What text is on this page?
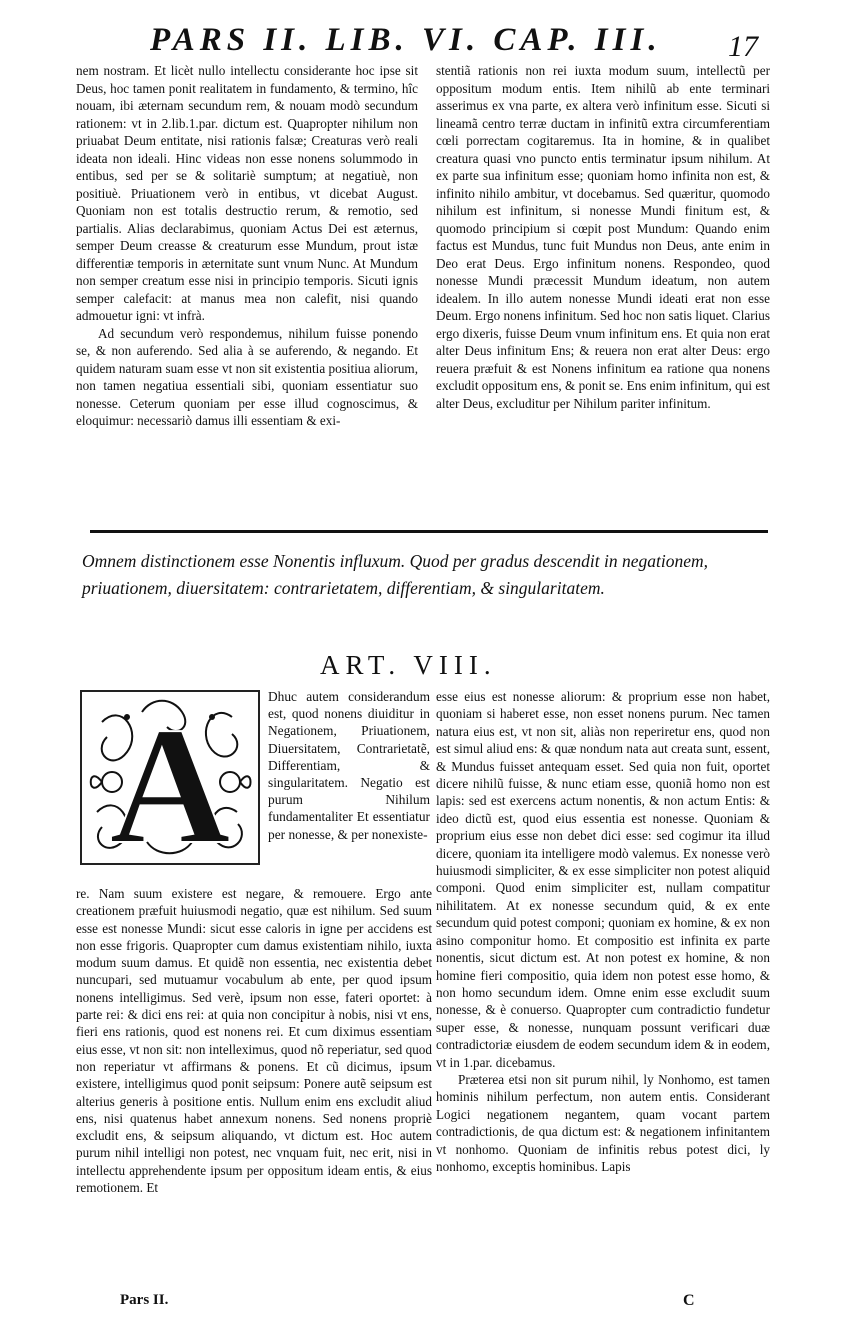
PARS II. LIB. VI. CAP. III.	17

nem nostram. Et licèt nullo intellectu considerante hoc ipse sit Deus, hoc tamen ponit realitatem in fundamento, & termino, hîc nouam, ibi æternam secundum rem, & nouam modò secundum rationem: vt in 2.lib.1.par. dictum est. Quapropter nihilum non priuabat Deum entitate, nisi rationis falsæ; Creaturas verò reali ideata non ideali. Hinc videas non esse nonens solummodo in entibus, sed per se & solitariè sumptum; at negatiuè, non positiuè. Priuationem verò in entibus, vt dicebat August. Quoniam non est totalis destructio rerum, & remotio, sed partialis. Alias declarabimus, quoniam Actus Dei est æternus, semper Deum creasse & creaturum esse Mundum, prout istæ differentiæ temporis in æternitate sunt vnum Nunc. At Mundum non semper creatum esse nisi in principio temporis. Sicuti ignis semper calefacit: at manus mea non calefit, nisi quando admouetur igni: vt infrà.

Ad secundum verò respondemus, nihilum fuisse ponendo se, & non auferendo. Sed alia à se auferendo, & negando. Et quidem naturam suam esse vt non sit existentia positiua aliorum, non tamen negatiua essentiali sibi, quoniam essentiatur suo nonesse. Ceterum quoniam per esse illud cognoscimus, & eloquimur: necessariò damus illi essentiam & exi-

stentiã rationis non rei iuxta modum suum, intellectũ per oppositum modum entis. Item nihilũ ab ente terminari asserimus ex vna parte, ex altera verò infinitum esse. Sicuti si lineamã centro terræ ductam in infinitũ extra circumferentiam cœli porrectam cogitaremus. Ita in homine, & in qualibet creatura quasi vno puncto entis terminatur ipsum nihilum. At ex parte sua infinitum esse; quoniam homo infinita non est, & infinito nihilo ambitur, vt docebamus. Sed quæritur, quomodo nihilum est infinitum, si nonesse Mundi finitum est, & quomodo principium si cœpit post Mundum: Quando enim factus est Mundus, tunc fuit Mundus non Deus, ante enim in Deo erat Deus. Ergo infinitum nonens. Respondeo, quod nonesse Mundi præcessit Mundum ideatum, non autem idealem. In illo autem nonesse Mundi ideati erat non esse Deum. Ergo nonens infinitum. Sed hoc non satis liquet. Clarius ergo dixeris, fuisse Deum vnum infinitum ens. Et quia non erat alter Deus infinitum Ens; & reuera non erat alter Deus: ergo reuera præfuit & est Nonens infinitum ea ratione qua nonens excludit oppositum ens, & ponit se. Ens enim infinitum, qui est alter Deus, excluditur per Nihilum pariter infinitum.

Omnem distinctionem esse Nonentis influxum. Quod per gradus descendit in negationem, priuationem, diuersitatem: contrarietatem, differentiam, & singularitatem.
ART. VIII.
A	Dhuc autem considerandum est, quod nonens diuiditur in Negationem, Priuationem, Diuersitatem, Contrarietatẽ, Differentiam, & singularitatem. Negatio est purum Nihilum fundamentaliter Et essentiatur per nonesse, & per nonexiste-

re. Nam suum existere est negare, & remouere. Ergo ante creationem præfuit huiusmodi negatio, quæ est nihilum. Sed suum esse est nonesse Mundi: sicut esse caloris in igne per accidens est non esse frigoris. Quapropter cum damus existentiam nihilo, iuxta modum suum damus. Et quidẽ non essentia, nec existentia debet nuncupari, sed mutuamur vocabulum ab ente, per quod ipsum nonens intelligimus. Sed verè, ipsum non esse, fateri oportet: à parte rei: & dici ens rei: at quia non concipitur à nobis, nisi vt ens, fieri ens rationis, quod est nonens rei. Et cum diximus essentiam eius esse, vt non sit: non intelleximus, quod nõ reperiatur, sed quod non reperiatur vt affirmans & ponens. Et cũ dicimus, ipsum existere, intelligimus quod ponit seipsum: Ponere autẽ seipsum est alterius generis à positione entis. Nullum enim ens excludit aliud ens, nisi quatenus habet annexum nonens. Sed nonens propriè excludit ens, & seipsum aliquando, vt dictum est. Hoc autem purum nihil intelligi non potest, nec vnquam fuit, nec erit, nisi in intellectu apprehendente ipsum per oppositum ideam entis, & eius remotionem. Et

esse eius est nonesse aliorum: & proprium esse non habet, quoniam si haberet esse, non esset nonens purum. Nec tamen natura eius est, vt non sit, aliàs non reperiretur ens, quod non est simul aliud ens: & quæ nondum nata aut creata sunt, essent, & Mundus fuisset antequam esset. Sed quia non fuit, oportet dicere nihilũ fuisse, & nunc etiam esse, quoniã homo non est lapis: sed est exercens actum nonentis, & non actum Entis: & ideo dictũ est, quod eius essentia est nonesse. Quoniam & proprium eius esse non debet dici esse: sed cogimur ita illud dicere, quoniam ita intelligere modò valemus. Ex nonesse verò huiusmodi simpliciter, & ex esse simpliciter non potest aliquid componi. Quod enim simpliciter est, nullam compatitur nihilitatem. At ex nonesse secundum quid, & ex ente secundum quid potest componi; quoniam ex homine, & ex non asino componitur homo. Et compositio est infinita ex parte nonentis, sicut dictum est. At non potest ex homine, & non homine fieri compositio, quia idem non potest esse homo, & non homo secundum idem. Omne enim esse excludit suum nonesse, & è conuerso. Quapropter cum contradictio fundetur super esse, & nonesse, nunquam possunt verificari duæ contradictoriæ eiusdem de eodem secundum idem & in eodem, vt in 1.par. dicebamus.

Præterea etsi non sit purum nihil, ly Nonhomo, est tamen hominis nihilum perfectum, non autem entis. Considerant Logici negationem negantem, quam vocant partem contradictionis, de qua dictum est: & negationem infinitantem vt nonhomo. Quoniam de infinitis rebus potest dici, ly nonhomo, exceptis hominibus. Lapis

Pars II.	C
